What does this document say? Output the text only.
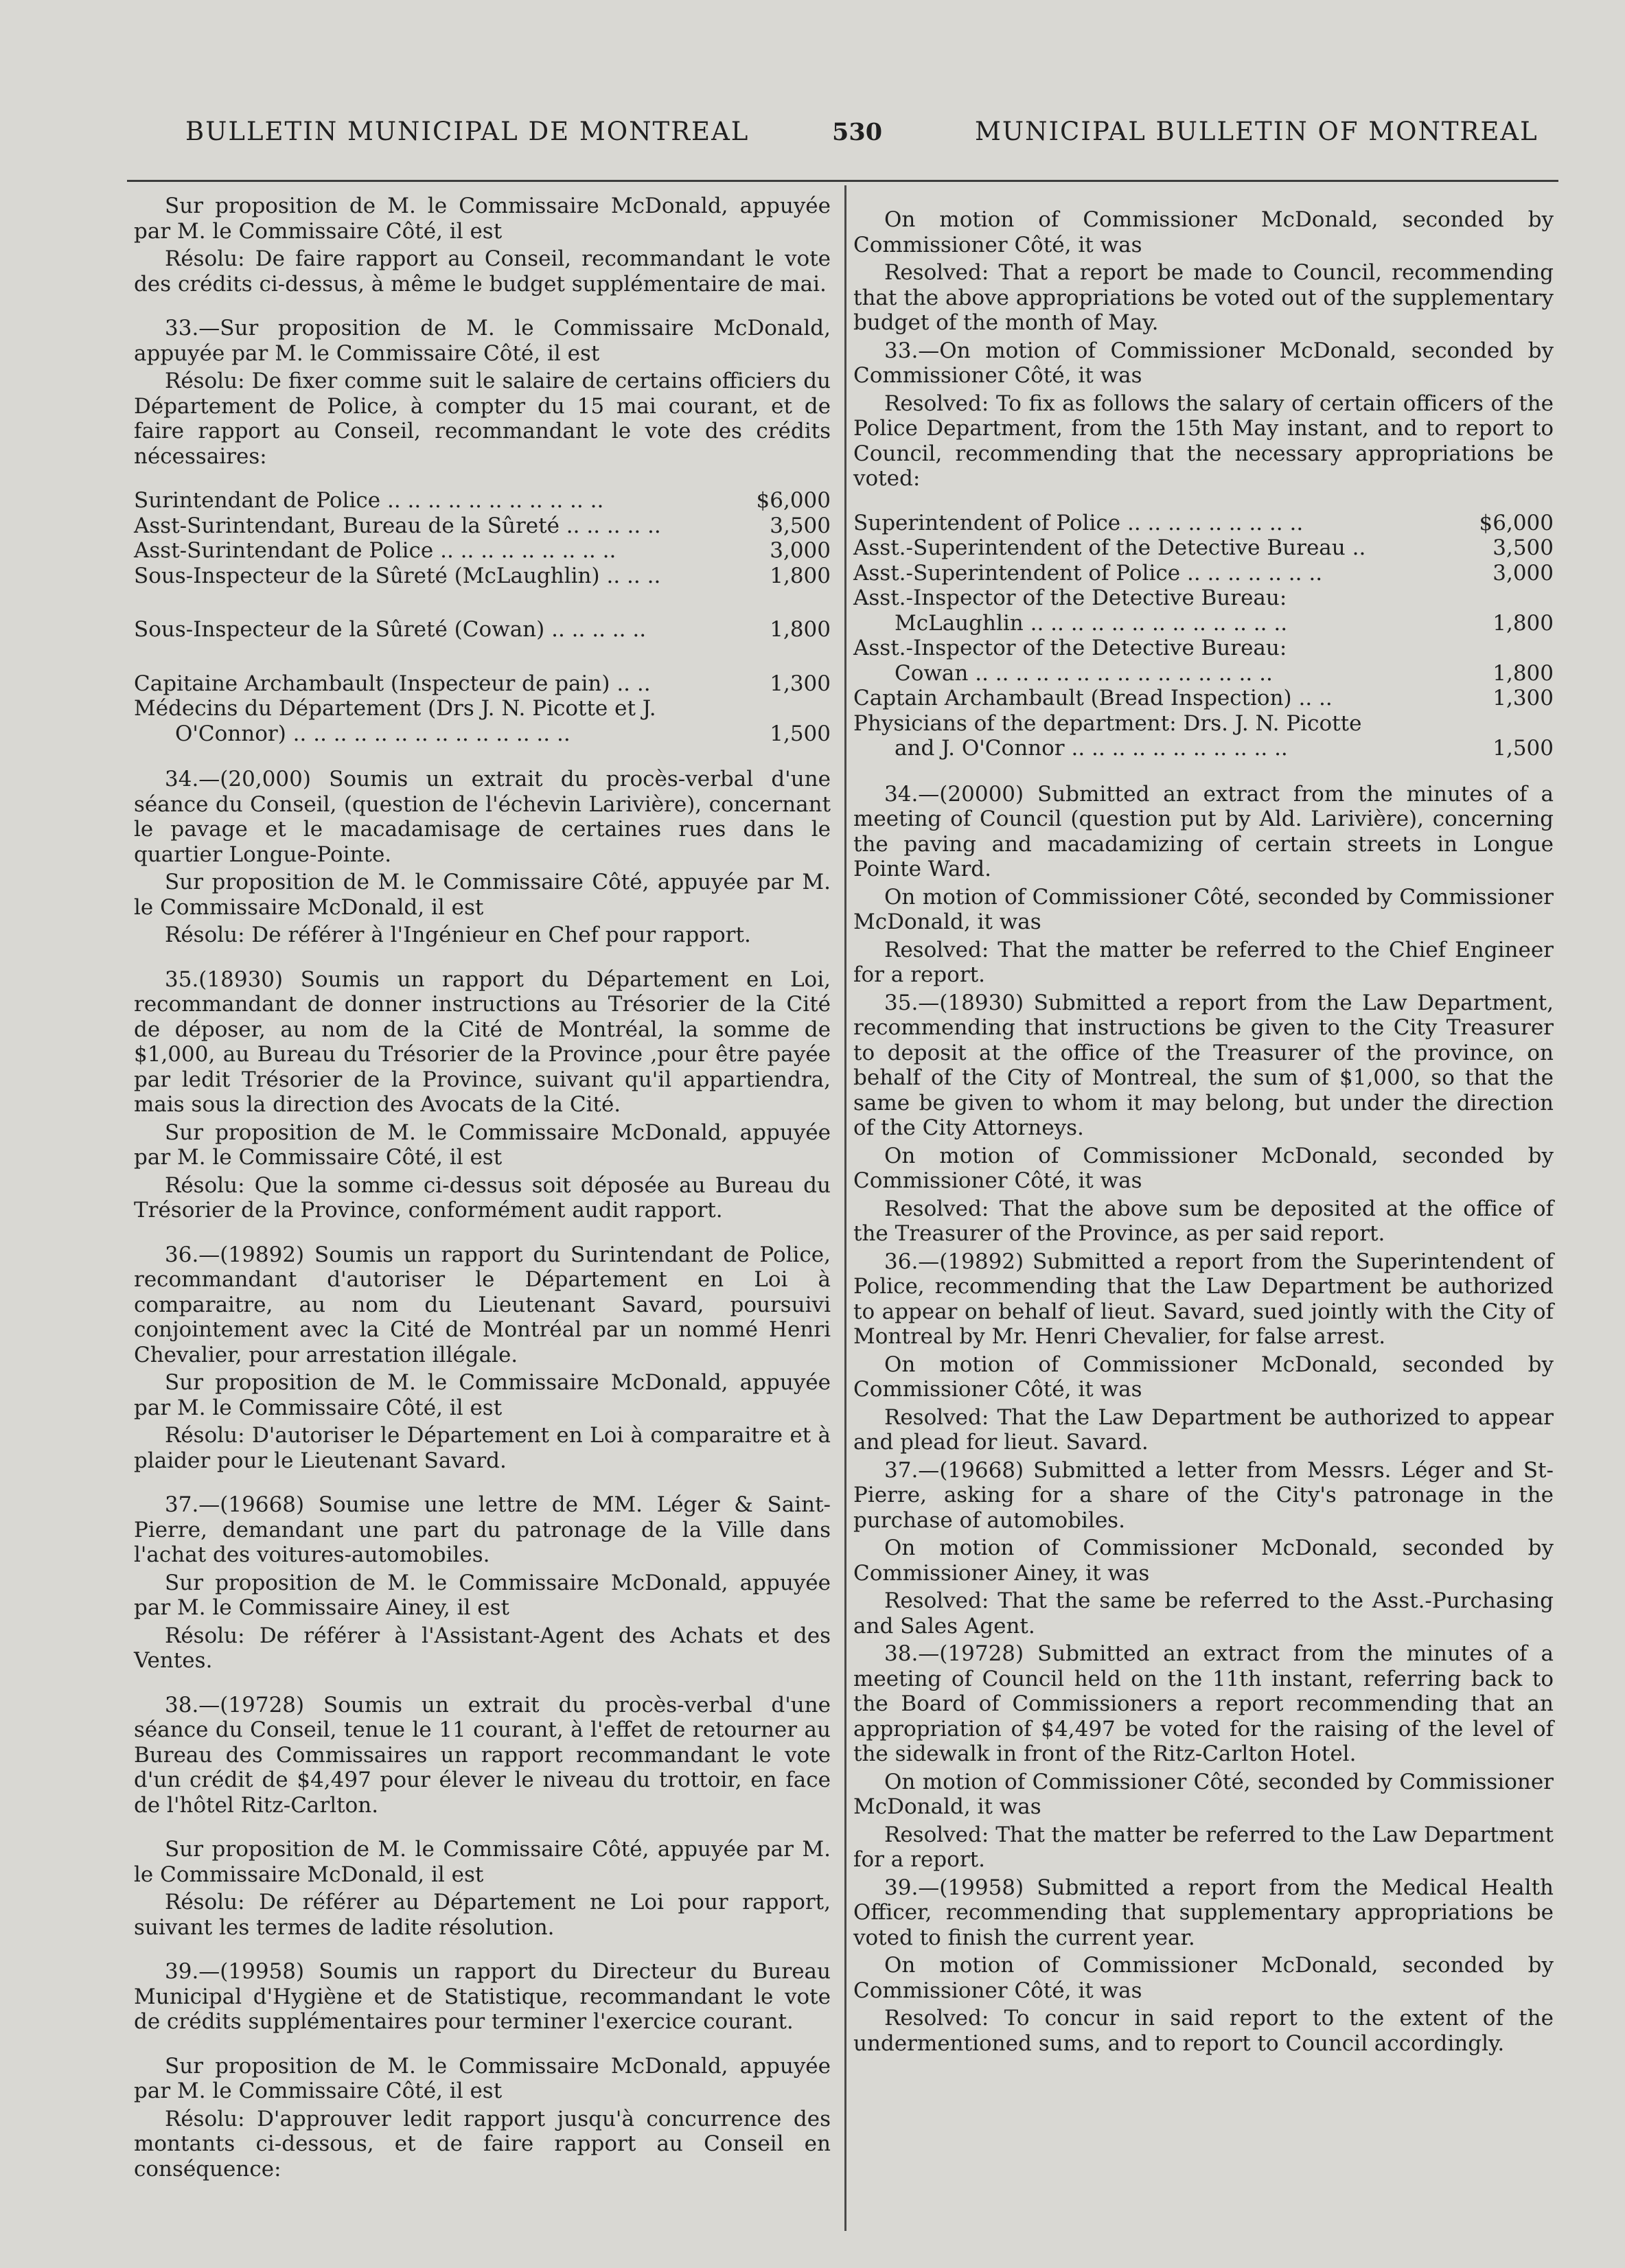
BULLETIN MUNICIPAL DE MONTREAL	530	MUNICIPAL BULLETIN OF MONTREAL

Sur proposition de M. le Commissaire McDonald, appuyée par M. le Commissaire Côté, il est

Résolu: De faire rapport au Conseil, recommandant le vote des crédits ci-dessus, à même le budget supplémentaire de mai.

33.—Sur proposition de M. le Commissaire McDonald, appuyée par M. le Commissaire Côté, il est

Résolu: De fixer comme suit le salaire de certains officiers du Département de Police, à compter du 15 mai courant, et de faire rapport au Conseil, recommandant le vote des crédits nécessaires:

Surintendant de Police .. .. .. .. .. .. .. .. .. .. ..	$6,000
Asst-Surintendant, Bureau de la Sûreté .. .. .. .. ..	3,500
Asst-Surintendant de Police .. .. .. .. .. .. .. .. ..	3,000
Sous-Inspecteur de la Sûreté (McLaughlin) .. .. ..	1,800
Sous-Inspecteur de la Sûreté (Cowan) .. .. .. .. ..	1,800
Capitaine Archambault (Inspecteur de pain) .. ..	1,300
Médecins du Département (Drs J. N. Picotte et J.
O'Connor) .. .. .. .. .. .. .. .. .. .. .. .. .. ..	1,500

34.—(20,000) Soumis un extrait du procès-verbal d'une séance du Conseil, (question de l'échevin Larivière), concernant le pavage et le macadamisage de certaines rues dans le quartier Longue-Pointe.

Sur proposition de M. le Commissaire Côté, appuyée par M. le Commissaire McDonald, il est

Résolu: De référer à l'Ingénieur en Chef pour rapport.

35.(18930) Soumis un rapport du Département en Loi, recommandant de donner instructions au Trésorier de la Cité de déposer, au nom de la Cité de Montréal, la somme de $1,000, au Bureau du Trésorier de la Province ,pour être payée par ledit Trésorier de la Province, suivant qu'il appartiendra, mais sous la direction des Avocats de la Cité.

Sur proposition de M. le Commissaire McDonald, appuyée par M. le Commissaire Côté, il est

Résolu: Que la somme ci-dessus soit déposée au Bureau du Trésorier de la Province, conformément audit rapport.

36.—(19892) Soumis un rapport du Surintendant de Police, recommandant d'autoriser le Département en Loi à comparaitre, au nom du Lieutenant Savard, poursuivi conjointement avec la Cité de Montréal par un nommé Henri Chevalier, pour arrestation illégale.

Sur proposition de M. le Commissaire McDonald, appuyée par M. le Commissaire Côté, il est

Résolu: D'autoriser le Département en Loi à comparaitre et à plaider pour le Lieutenant Savard.

37.—(19668) Soumise une lettre de MM. Léger & Saint-Pierre, demandant une part du patronage de la Ville dans l'achat des voitures-automobiles.

Sur proposition de M. le Commissaire McDonald, appuyée par M. le Commissaire Ainey, il est

Résolu: De référer à l'Assistant-Agent des Achats et des Ventes.

38.—(19728) Soumis un extrait du procès-verbal d'une séance du Conseil, tenue le 11 courant, à l'effet de retourner au Bureau des Commissaires un rapport recommandant le vote d'un crédit de $4,497 pour élever le niveau du trottoir, en face de l'hôtel Ritz-Carlton.

Sur proposition de M. le Commissaire Côté, appuyée par M. le Commissaire McDonald, il est

Résolu: De référer au Département ne Loi pour rapport, suivant les termes de ladite résolution.

39.—(19958) Soumis un rapport du Directeur du Bureau Municipal d'Hygiène et de Statistique, recommandant le vote de crédits supplémentaires pour terminer l'exercice courant.

Sur proposition de M. le Commissaire McDonald, appuyée par M. le Commissaire Côté, il est

Résolu: D'approuver ledit rapport jusqu'à concurrence des montants ci-dessous, et de faire rapport au Conseil en conséquence:

On motion of Commissioner McDonald, seconded by Commissioner Côté, it was

Resolved: That a report be made to Council, recommending that the above appropriations be voted out of the supplementary budget of the month of May.

33.—On motion of Commissioner McDonald, seconded by Commissioner Côté, it was

Resolved: To fix as follows the salary of certain officers of the Police Department, from the 15th May instant, and to report to Council, recommending that the necessary appropriations be voted:

Superintendent of Police .. .. .. .. .. .. .. .. ..	$6,000
Asst.-Superintendent of the Detective Bureau ..	3,500
Asst.-Superintendent of Police .. .. .. .. .. .. ..	3,000
Asst.-Inspector of the Detective Bureau:
McLaughlin .. .. .. .. .. .. .. .. .. .. .. .. ..	1,800
Asst.-Inspector of the Detective Bureau:
Cowan .. .. .. .. .. .. .. .. .. .. .. .. .. .. ..	1,800
Captain Archambault (Bread Inspection) .. ..	1,300
Physicians of the department: Drs. J. N. Picotte
and J. O'Connor .. .. .. .. .. .. .. .. .. .. ..	1,500

34.—(20000) Submitted an extract from the minutes of a meeting of Council (question put by Ald. Larivière), concerning the paving and macadamizing of certain streets in Longue Pointe Ward.

On motion of Commissioner Côté, seconded by Commissioner McDonald, it was

Resolved: That the matter be referred to the Chief Engineer for a report.

35.—(18930) Submitted a report from the Law Department, recommending that instructions be given to the City Treasurer to deposit at the office of the Treasurer of the province, on behalf of the City of Montreal, the sum of $1,000, so that the same be given to whom it may belong, but under the direction of the City Attorneys.

On motion of Commissioner McDonald, seconded by Commissioner Côté, it was

Resolved: That the above sum be deposited at the office of the Treasurer of the Province, as per said report.

36.—(19892) Submitted a report from the Superintendent of Police, recommending that the Law Department be authorized to appear on behalf of lieut. Savard, sued jointly with the City of Montreal by Mr. Henri Chevalier, for false arrest.

On motion of Commissioner McDonald, seconded by Commissioner Côté, it was

Resolved: That the Law Department be authorized to appear and plead for lieut. Savard.

37.—(19668) Submitted a letter from Messrs. Léger and St-Pierre, asking for a share of the City's patronage in the purchase of automobiles.

On motion of Commissioner McDonald, seconded by Commissioner Ainey, it was

Resolved: That the same be referred to the Asst.-Purchasing and Sales Agent.

38.—(19728) Submitted an extract from the minutes of a meeting of Council held on the 11th instant, referring back to the Board of Commissioners a report recommending that an appropriation of $4,497 be voted for the raising of the level of the sidewalk in front of the Ritz-Carlton Hotel.

On motion of Commissioner Côté, seconded by Commissioner McDonald, it was

Resolved: That the matter be referred to the Law Department for a report.

39.—(19958) Submitted a report from the Medical Health Officer, recommending that supplementary appropriations be voted to finish the current year.

On motion of Commissioner McDonald, seconded by Commissioner Côté, it was

Resolved: To concur in said report to the extent of the undermentioned sums, and to report to Council accordingly.
